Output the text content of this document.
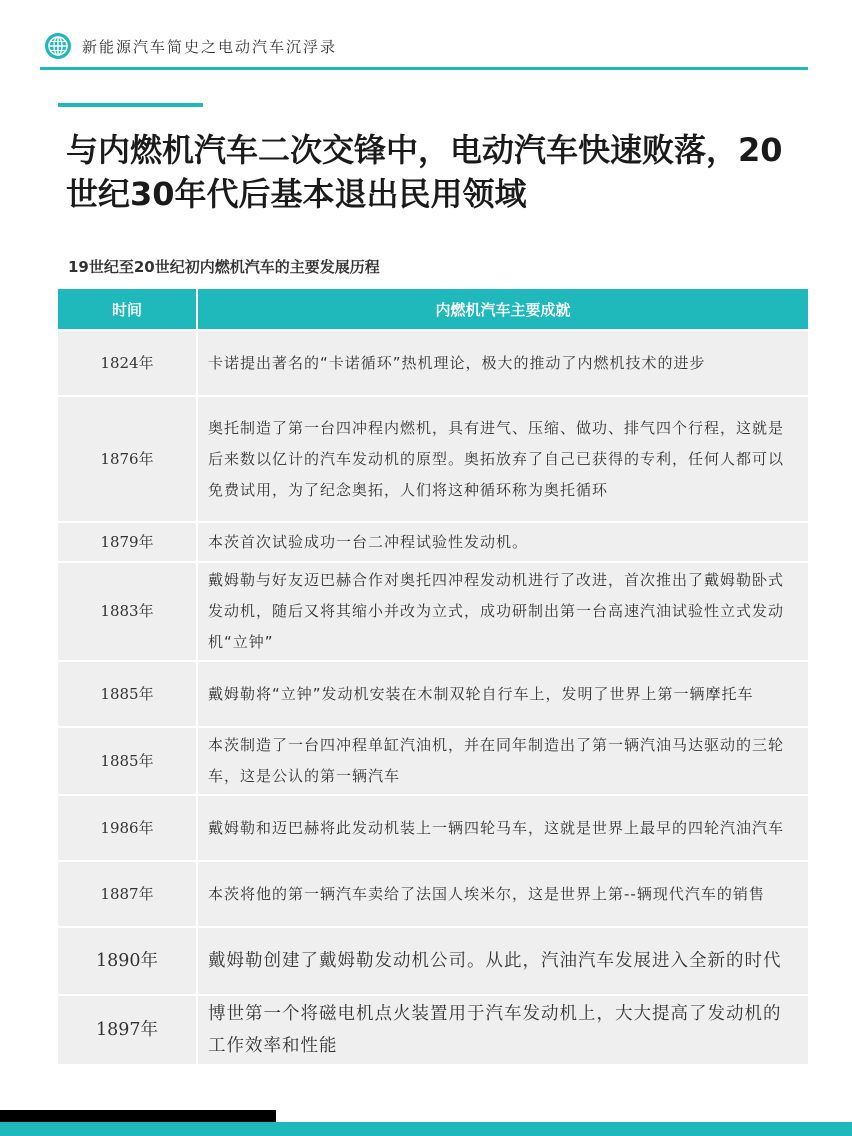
新能源汽车简史之电动汽车沉浮录
与内燃机汽车二次交锋中，电动汽车快速败落，20世纪30年代后基本退出民用领域
19世纪至20世纪初内燃机汽车的主要发展历程
时间	内燃机汽车主要成就
1824年	卡诺提出著名的“卡诺循环”热机理论，极大的推动了内燃机技术的进步
1876年	奥托制造了第一台四冲程内燃机，具有进气、压缩、做功、排气四个行程，这就是后来数以亿计的汽车发动机的原型。奥拓放弃了自己已获得的专利，任何人都可以免费试用，为了纪念奥拓，人们将这种循环称为奥托循环
1879年	本茨首次试验成功一台二冲程试验性发动机。
1883年	戴姆勒与好友迈巴赫合作对奥托四冲程发动机进行了改进，首次推出了戴姆勒卧式发动机，随后又将其缩小并改为立式，成功研制出第一台高速汽油试验性立式发动机“立钟”
1885年	戴姆勒将“立钟”发动机安装在木制双轮自行车上，发明了世界上第一辆摩托车
1885年	本茨制造了一台四冲程单缸汽油机，并在同年制造出了第一辆汽油马达驱动的三轮车，这是公认的第一辆汽车
1986年	戴姆勒和迈巴赫将此发动机装上一辆四轮马车，这就是世界上最早的四轮汽油汽车
1887年	本茨将他的第一辆汽车卖给了法国人埃米尔，这是世界上第--辆现代汽车的销售
1890年	戴姆勒创建了戴姆勒发动机公司。从此，汽油汽车发展进入全新的时代
1897年	博世第一个将磁电机点火装置用于汽车发动机上，大大提高了发动机的工作效率和性能
